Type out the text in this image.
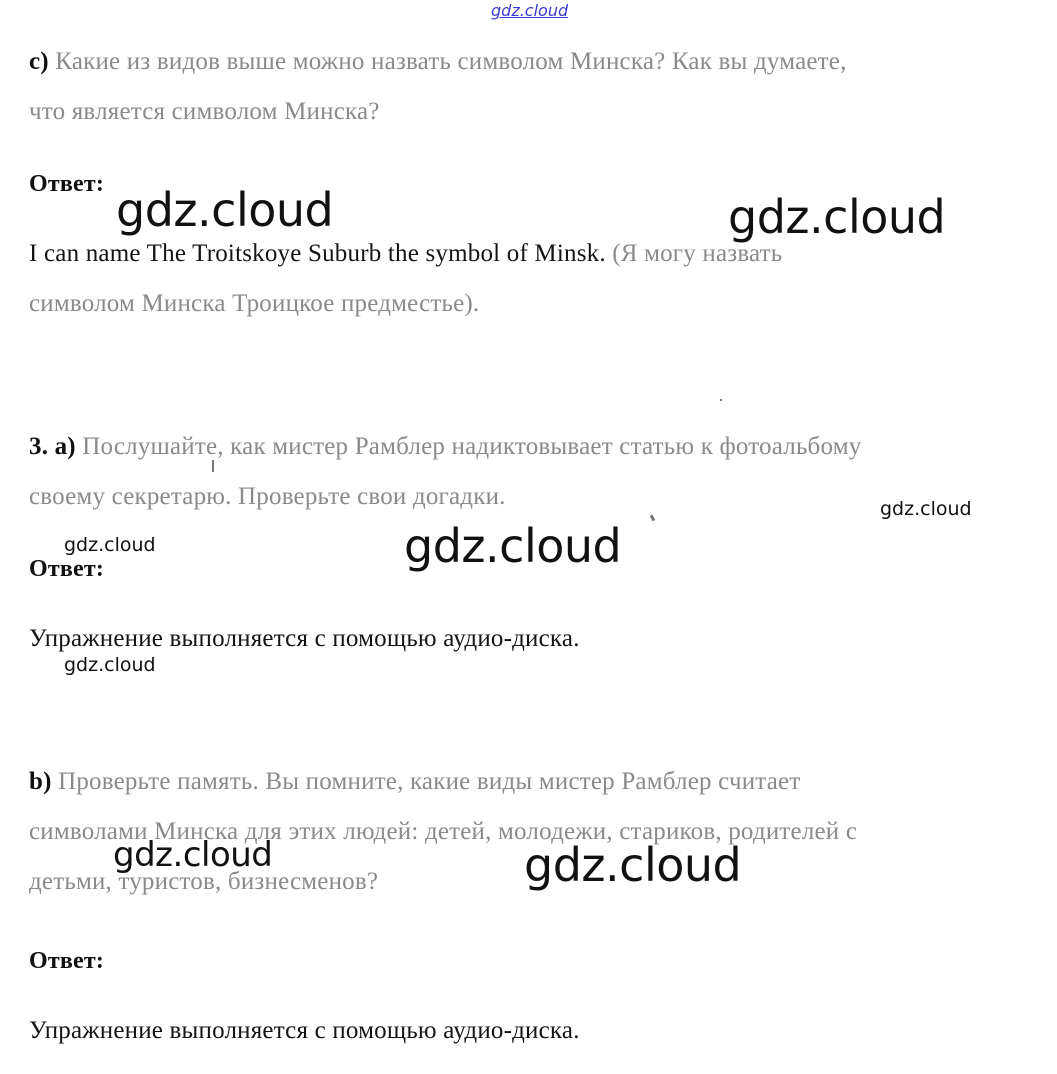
gdz.cloud
c) Какие из видов выше можно назвать символом Минска? Как вы думаете,
что является символом Минска?
Ответ:
I can name The Troitskoye Suburb the symbol of Minsk. (Я могу назвать
символом Минска Троицкое предместье).
3. a) Послушайте, как мистер Рамблер надиктовывает статью к фотоальбому
своему секретарю. Проверьте свои догадки.
Ответ:
Упражнение выполняется с помощью аудио-диска.
b) Проверьте память. Вы помните, какие виды мистер Рамблер считает
символами Минска для этих людей: детей, молодежи, стариков, родителей с
детьми, туристов, бизнесменов?
Ответ:
Упражнение выполняется с помощью аудио-диска.
gdz.cloud	gdz.cloud
gdz.cloud
gdz.cloud	gdz.cloud
gdz.cloud
gdz.cloud	gdz.cloud
